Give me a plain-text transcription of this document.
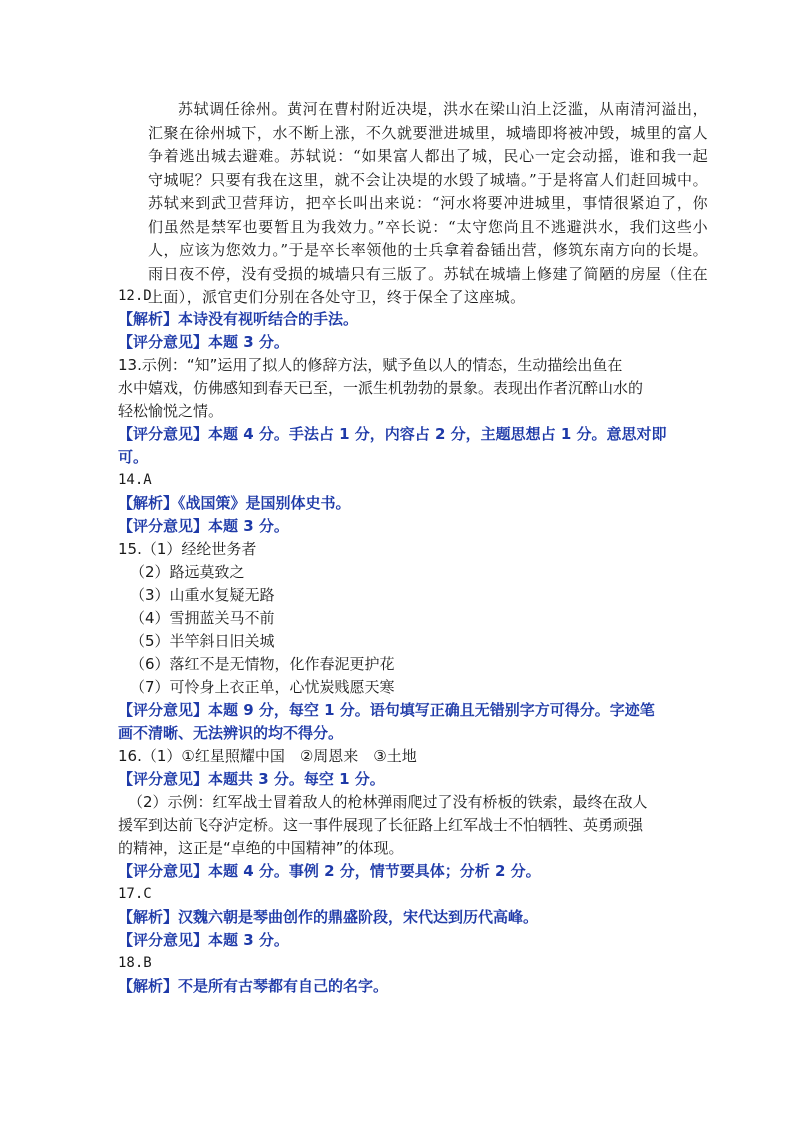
苏轼调任徐州。黄河在曹村附近决堤，洪水在梁山泊上泛滥，从南清河溢出，汇聚在徐州城下，水不断上涨，不久就要泄进城里，城墙即将被冲毁，城里的富人争着逃出城去避难。苏轼说：“如果富人都出了城，民心一定会动摇，谁和我一起守城呢？只要有我在这里，就不会让决堤的水毁了城墙。”于是将富人们赶回城中。苏轼来到武卫营拜访，把卒长叫出来说：“河水将要冲进城里，事情很紧迫了，你们虽然是禁军也要暂且为我效力。”卒长说：“太守您尚且不逃避洪水，我们这些小人，应该为您效力。”于是卒长率领他的士兵拿着畚锸出营，修筑东南方向的长堤。雨日夜不停，没有受损的城墙只有三版了。苏轼在城墙上修建了简陋的房屋（住在上面），派官吏们分别在各处守卫，终于保全了这座城。

12.D

【解析】本诗没有视听结合的手法。

【评分意见】本题 3 分。

13.示例：“知”运用了拟人的修辞方法，赋予鱼以人的情态，生动描绘出鱼在

水中嬉戏，仿佛感知到春天已至，一派生机勃勃的景象。表现出作者沉醉山水的

轻松愉悦之情。

【评分意见】本题 4 分。手法占 1 分，内容占 2 分，主题思想占 1 分。意思对即

可。

14.A

【解析】《战国策》是国别体史书。

【评分意见】本题 3 分。

15.（1）经纶世务者

（2）路远莫致之

（3）山重水复疑无路

（4）雪拥蓝关马不前

（5）半竿斜日旧关城

（6）落红不是无情物，化作春泥更护花

（7）可怜身上衣正单，心忧炭贱愿天寒

【评分意见】本题 9 分，每空 1 分。语句填写正确且无错别字方可得分。字迹笔

画不清晰、无法辨识的均不得分。

16.（1）①红星照耀中国　②周恩来　③土地

【评分意见】本题共 3 分。每空 1 分。

（2）示例：红军战士冒着敌人的枪林弹雨爬过了没有桥板的铁索，最终在敌人

援军到达前飞夺泸定桥。这一事件展现了长征路上红军战士不怕牺牲、英勇顽强

的精神，这正是“卓绝的中国精神”的体现。

【评分意见】本题 4 分。事例 2 分，情节要具体；分析 2 分。

17.C

【解析】汉魏六朝是琴曲创作的鼎盛阶段，宋代达到历代高峰。

【评分意见】本题 3 分。

18.B

【解析】不是所有古琴都有自己的名字。
